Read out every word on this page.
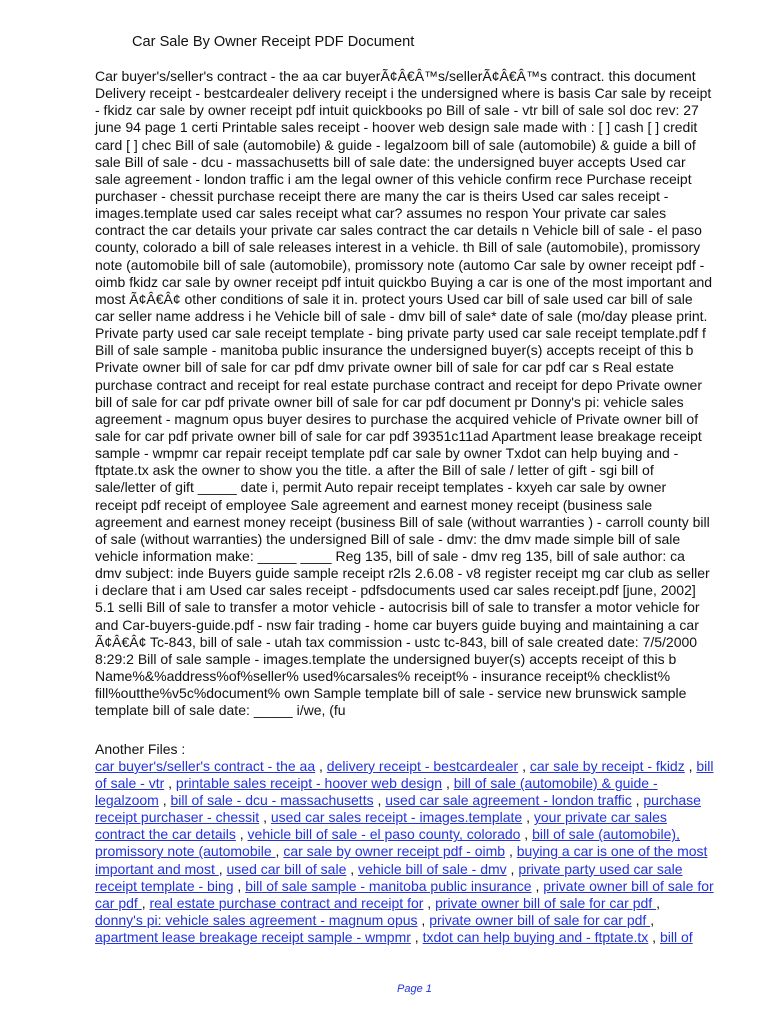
Car Sale By Owner Receipt PDF Document
Car buyer's/seller's contract - the aa car buyerÃ¢Â€Â™s/sellerÃ¢Â€Â™s contract. this document
Delivery receipt - bestcardealer delivery receipt i the undersigned where is basis Car sale by receipt
- fkidz car sale by owner receipt pdf intuit quickbooks po Bill of sale - vtr bill of sale sol doc rev: 27
june 94 page 1 certi Printable sales receipt - hoover web design sale made with : [ ] cash [ ] credit
card [ ] chec Bill of sale (automobile) & guide - legalzoom bill of sale (automobile) & guide a bill of
sale Bill of sale - dcu - massachusetts bill of sale date: the undersigned buyer accepts Used car
sale agreement - london traffic i am the legal owner of this vehicle confirm rece Purchase receipt
purchaser - chessit purchase receipt there are many the car is theirs Used car sales receipt -
images.template used car sales receipt what car? assumes no respon Your private car sales
contract the car details your private car sales contract the car details n Vehicle bill of sale - el paso
county, colorado a bill of sale releases interest in a vehicle. th Bill of sale (automobile), promissory
note (automobile bill of sale (automobile), promissory note (automo Car sale by owner receipt pdf -
oimb fkidz car sale by owner receipt pdf intuit quickbo Buying a car is one of the most important and
most Ã¢Â€Â¢ other conditions of sale it in. protect yours Used car bill of sale used car bill of sale
car seller name address i he Vehicle bill of sale - dmv bill of sale* date of sale (mo/day please print.
Private party used car sale receipt template - bing private party used car sale receipt template.pdf f
Bill of sale sample - manitoba public insurance the undersigned buyer(s) accepts receipt of this b
Private owner bill of sale for car pdf dmv private owner bill of sale for car pdf car s Real estate
purchase contract and receipt for real estate purchase contract and receipt for depo Private owner
bill of sale for car pdf private owner bill of sale for car pdf document pr Donny's pi: vehicle sales
agreement - magnum opus buyer desires to purchase the acquired vehicle of Private owner bill of
sale for car pdf private owner bill of sale for car pdf 39351c11ad Apartment lease breakage receipt
sample - wmpmr car repair receipt template pdf car sale by owner Txdot can help buying and -
ftptate.tx ask the owner to show you the title. a after the Bill of sale / letter of gift - sgi bill of
sale/letter of gift _____ date i, permit Auto repair receipt templates - kxyeh car sale by owner
receipt pdf receipt of employee Sale agreement and earnest money receipt (business sale
agreement and earnest money receipt (business Bill of sale (without warranties ) - carroll county bill
of sale (without warranties) the undersigned Bill of sale - dmv: the dmv made simple bill of sale
vehicle information make: _____ ____ Reg 135, bill of sale - dmv reg 135, bill of sale author: ca
dmv subject: inde Buyers guide sample receipt r2ls 2.6.08 - v8 register receipt mg car club as seller
i declare that i am Used car sales receipt - pdfsdocuments used car sales receipt.pdf [june, 2002]
5.1 selli Bill of sale to transfer a motor vehicle - autocrisis bill of sale to transfer a motor vehicle for
and Car-buyers-guide.pdf - nsw fair trading - home car buyers guide buying and maintaining a car
Ã¢Â€Â¢ Tc-843, bill of sale - utah tax commission - ustc tc-843, bill of sale created date: 7/5/2000
8:29:2 Bill of sale sample - images.template the undersigned buyer(s) accepts receipt of this b
Name%&%address%of%seller% used%carsales% receipt% - insurance receipt% checklist%
fill%outthe%v5c%document% own Sample template bill of sale - service new brunswick sample
template bill of sale date: _____ i/we, (fu
Another Files :
car buyer's/seller's contract - the aa , delivery receipt - bestcardealer , car sale by receipt - fkidz , bill
of sale - vtr , printable sales receipt - hoover web design , bill of sale (automobile) & guide -
legalzoom , bill of sale - dcu - massachusetts , used car sale agreement - london traffic , purchase
receipt purchaser - chessit , used car sales receipt - images.template , your private car sales
contract the car details , vehicle bill of sale - el paso county, colorado , bill of sale (automobile),
promissory note (automobile , car sale by owner receipt pdf - oimb , buying a car is one of the most
important and most , used car bill of sale , vehicle bill of sale - dmv , private party used car sale
receipt template - bing , bill of sale sample - manitoba public insurance , private owner bill of sale for
car pdf , real estate purchase contract and receipt for , private owner bill of sale for car pdf ,
donny's pi: vehicle sales agreement - magnum opus , private owner bill of sale for car pdf ,
apartment lease breakage receipt sample - wmpmr , txdot can help buying and - ftptate.tx , bill of
Page 1
